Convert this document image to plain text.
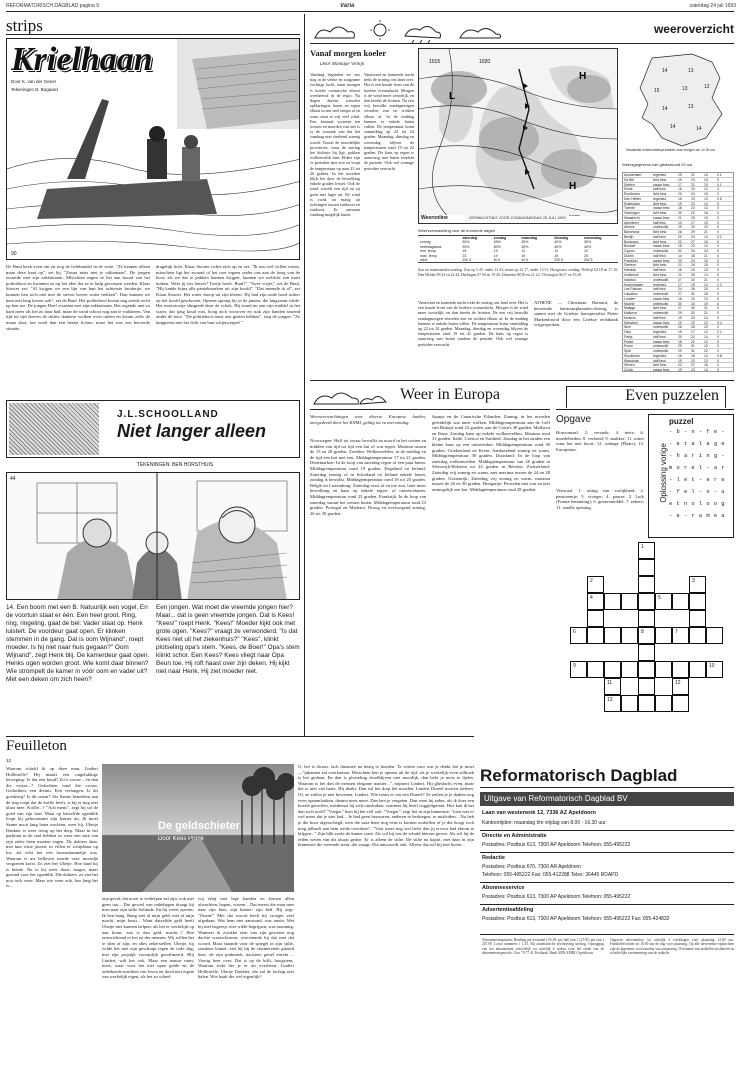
REFORMATORISCH DAGBLAD pagina 9	Varia	zaterdag 24 juli 1993
strips
Krielhaan
Door K. van der Geest
Tekeningen B. Bogaard
90
De Buul keek even om zit nog de lichtbundel in de verte. "Ze kennen alleen maar deze kant op", zei hij. "Zouas niets niet je raklamaan". De jongen zwaaide met zijn zaklantaarn. Misschien zagen ze het aan boord van het politieboot en kwamen ze op het idee dat ze te hulp gevoepen werden. Klaas Stooter zei: "Al krijgen we een lijn van hun het achterste broderije, we kunnen hen toch niet met de steven boven water trekken". Dan kunnen we hem niet lang boven ook", zei de Buul. Het politieboot kwam nog steeds recht op hen toe. De jongen Hoef zwaaien met zijn zaklantaarn. Het regende niet zo hard meer als het zo daar had, maar de wind schoot nog aan te wakkeren. Van tijd tot tijd dreven de dichte donkere wolken even uiteen en kwam zelfs de maan door, bet werd dan een beetje lichter, maar het was een beroerde situatie.
dragelijk licht. Klaas Stooter richte zich op en zei: "Ik zou wel willen weten, misschien ligt het zwaard of het roer ergens onder ons aan de boeg van de boot, als we dat te pakken kunnen krijgen, kunnen we wellicht een mast maken. Weet jij iets beters? Toetje hoeft. Buul?" "Twee visjes", zei de Buul, "Hij kende bijna alle paniekmarken uit zijn hoofd". "Dat meende ik al", zei Klaas Stooter. Het water droop uit zijn kleren. Hij had zijn oude hoed achter op het hoofd geschoven. Opeens sprong hij in de punter, die langzaam vulde. Het motortootje slingerde door de schok. Hij stond nu aan zijn middel in het water, dat ijzig koud was, boog zich voorover en stak zijn handen tastend onder de boot. "De politieboot moet ons gezien hebben", riep de jongen. "Ze knipperen met het licht van hun schijnwerper!"
J.L.SCHOOLLAND
Niet langer alleen
TEKENINGEN: BEN HORSTHUIS
44
14. Een boom met een B. Natuurlijk een vogel. En de voortuin staat er één. Een heel groot. Ring, ring, ringeling, gaat de bel: Vader staat op. Henk luistert. De voordeur gaat open. Er klinken stemmen in de gang. Dat is oom Wijnand", roept moeder. Is hij niet naar huis gegaan?" Oom Wijnand", zegt Henk blij. De kamerdeur gaat open. Henks ogen worden groot. Wie komt daar binnen? Wie strompelt de kamer in vóór oom en vader uit? Met een deken om zich heen?
Een jongen. Wat moet die vreemde jongen hier? Maar... dat is geen vreemde jongen. Dat is Kees! "Kees!" roept Henk. "Kees!" Moeder kijkt ook met grote ogen. "Kees?" vraagt ze verwonderd. "Is dat Kees niet uit het ziekenhuis?" "Kees", klinkt plotseling opa's stem. "Kees, de Boer!" Opa's stem klinkt schor. Een Kees? Kees vliegt naar Opa Beun toe. Hij roft haast over zijn deken. Hij kijkt niet naar Henk. Hij ziet moeder niet.
Feuilleton
12
Waarom schold ik op deze man, Lindert Hollestelle? Hij maakt een ongelukkige beweging: Je dat een koud? Zo'n vrouw... en dan die vrouw...? Gedachten rond die vrouw. Gedachten, een dreum. Een verlangen. Is dit goedzorg? Is dit onzin? Als Sanne benedeen aan de trap roept dat de koffie heeft, is hij er nog niet klaar mee. Koffie...? "Ach mens", zegt hij uit de goed van zijn hart. Maar op hetzelfde ogenblik loopt hij gehoorzaam zijn kamer uit. Ik moet Sanne nooit lang laten wachten, weet hij. Ubeije Dankter is weer terug op het dorp. Maar in het parktuin in de stad hebben ze weer een stuk van zijn zieke been moeten zagen. De dokters daar, met hun witte jassen, in villen er schijnbaar op los, als echt het een boomstammetje was. Waarom is uw bellevert morde voor moordje vergoeten korst. Zo ziet het Ubeije. Hoe hard hij is kende. Nu is hij weer thuis; mager, maar gezond voor het ogenblik. Die dokters, zo ziet het nou toch weer. Maar wie weet ook, hoe lang het is...
De geldschieter
Door Kees Pronk
zijn geval, dat nooit te verhelpen zal zijn, ook met geen tuo... Dat gevoel van onbehagen draagt hij mee naar zijn stille Solitude. En hij weert opeens: Ik ben bang. Bang met al mijn geld, met al mijn macht, mijn bezit... Want datzelfde geld heeft Ubeije niet kunnen helpen; als het er werkelijk op aan komt, wat is dan geld, macht...? Hoe ontwrichtend er het ist der mensen. Wij willen het te slim af zijn, en alles zekerstellen. Ubeije, hij wilde het niet zijn geschrapt tegen de rode dag, met zijn prijstijk vooruitlijk geraffineerd. Blij Lindert, wilt het ook. Maar een natuur ruim; niets, waar voor het niet open gelde en de onbekende machten van leven en dood niet ergste van werkelijk eigen, als het zo scheel.
wij erbij met lege handen en komen allen afwachten, hopen, vrezen... Dat meest die man mee naar zijn huis, zijn kamer; zijn bed. Hij zegt: "Onzin!" Met dat woord heeft hij vroeger veel afgedaan. Wat hem niet aanstond, was onzin. Wat hij niet begreep, niet wilde begrijpen, was onzinnig. Wanneer ik zwakke zien van zijn geweten nog dachte waarschuwen, overstemde hij dat met dat woord. Maar staande voor de spiegel in zijn stille, sombere kamer, ziet hij bij de sluimerende gitzuid haar, de zijn prakmiek, nachtere geitel etrieht ... Voorig heer over. Dat is op de hifft, hoogstens. Waarom trekt het je er uit overheen, Lindert Hollestelle. Ubeije Dankter, die zal de lachtig niet halen. Wie haalt die wel eigenlijk?
O, het is dwaas, zich daarmee na bezig te houden. Te verten voor wat je denkt dat je moet—"pikanten zal overkomen. Misschien ben je opeens uit de tijd; als je werkelijk even stilhoek is het gedaan. En dan is plotseling doodblijven niet mooilijk, dan hebt je niets te lijden. Waarom is het dan de mensen elegante manier...", mijmert Lindert. Hij glimlacht even, maar het is niet van harte. Hij denkt: Dan zal het dorp het morden: Lindert Dureel morten sterben. Of, ze zullen je niet bewenen, Lindert. Wie treurt er om een Dureel? Ze zullen je je dadien nog even opnamlouken, daarna niets meer. Dan ben je vergeten. Dan weet hij zeker, als ik doer een koesle getroffen, mistbenot hij zich omsluiken, wanneer hij heeft ooggeligerent. Hoe kan ik het dan toch acoll? "Voeger" hoet hij het zelf ook. "Voeger", zegt het in zijn binnenste, "toen was er wel meer dat je niet had... Je had geen bezwaren, anderen te bedriegen, te misleiden... Nu heb je die hoor afgesschegd, toen die nota bene nog eens is kornen oorbellen of je die hoogt toch mog jalbaalt aan hem wilde overdoen". "Voor meer nog wel liefst dan jij ervoor had ektom te krijgen..." Zijn blik zoekt de kamer rond. Als wil hij iets de schuld hierom geven. Als wil hij de reden weten van dit alsaas gedoe. Er is alleen de stilte. De stilte na kapitt, met daar in zijn binnenste die vreemde stem, die vraagt: Die antwoordt ook. Alleen, dat wil hij niet horen...
weeroverzicht
Vanaf morgen koeler
Door Monique Vrolijk
Vandaag beginden we ons nog in de sterke en zorgzame vochtige lucht, maar morgen is koeler oceanische alstort overheersd in de regio. Na dagen durens wisselen opklaringen, buien en regen elkaar in een snel tempo af en soms staat er vrij veel wind. Een frontaal systeem ten westen en noorden van ons is er de oorzaak van dat het vandaag niet strekend zonnig wordt. Vooral de noordelijke provincies, waar de storing het dichtste bij ligt, pakken wolkenvelds mee. Elders zijn er perioden met zon en loopt de temperatuur op naar 23 tot 26 graden. In het noorden blijft het door de bewolking enkele graden frisser. Ook de wind wisselt een tijd en zij geen met lager uit. De wind is zwak tot matig uit richtingen tussen zuidwest en zuidoost. Er ontstaan vandaag mogelijk buien.
Vanavond en komende nacht trekt de storing ons land over. Het is een koude front van de koelere oceaanlucht. Morgen is de wind meer westelijk, en dan breekt de fronten. Na een vrij bewolkt zondagmorgen wisselen zon en wolken elkaar af. In de middag kunnen er enkele buien vallen. De temperatuur komt vanmiddag op 22 tot 24 graden. Maandag, dinsdag en woensdag blijven de temperaturen rond 19 tot 22 graden. De kans op regen is aanwezig met buien rondom de periode. Ook wel zonnige perioden verwacht.
L
H
H
1015	1020
Weeronline	VERWACHTING VOOR ZONDAGMIDDAG 25 JULI 1993
14	13
15	13	12
14	13
14	14
Verwachte minimumtemperaturen voor morgen om 12.00 uur
Weersgegevens van gisteravond 20 uur
Amsterdam	regenbui	19	21	14	0.1
De Bilt	licht bew.	19	23	14	0
Deelen	zwaar bew.	17	21	13	0.1
Eelde	half bew.	16	20	12	0
Eindhoven	licht bew.	20	24	15	0
Den Helder	regenbui	16	19	13	0.5
Rotterdam	licht bew.	19	23	14	0
Twente	zwaar bew.	18	22	13	0
Vlissingen	licht bew.	20	22	16	0
Maastricht	zwaar bew.	21	25	15	0
Aberdeen	half bew.	13	17	10	0
Athene	onbewolkt	29	33	23	0
Barcelona	licht bew.	26	29	21	0
Berlijn	half bew.	20	24	14	0.2
Bordeaux	licht bew.	22	27	16	0
Brussel	zwaar bew.	18	22	14	0
Cyprus	onbewolkt	32	34	24	0
Dublin	half bew.	14	18	11	0
Frankfurt	zwaar bew.	20	24	15	0
Genève	licht bew.	22	26	15	0
Helsinki	half bew.	16	20	13	0
Innsbruck	licht bew.	21	25	14	0
Istanbul	onbewolkt	27	30	21	0
Kopenhagen	regenbui	17	19	14	1.2
Las Palmas	half bew.	24	26	20	0
Lissabon	onbewolkt	27	31	18	0
Londen	zwaar bew.	16	20	13	0
Madrid	onbewolkt	30	34	19	0
Malaga	licht bew.	27	30	21	0
Mallorca	onbewolkt	29	32	21	0
Moskou	half bew.	19	23	14	0
München	zwaar bew.	19	22	13	0.4
Nice	onbewolkt	26	28	20	0
Oslo	regenbui	15	17	12	2.1
Parijs	half bew.	20	24	14	0
Praag	zwaar bew.	18	22	12	0
Rome	onbewolkt	29	31	19	0
Split	onbewolkt	29	31	22	0
Stockholm	regenbui	16	18	12	0.8
Warschau	half bew.	19	23	13	0
Wenen	licht bew.	23	27	16	0
Zürich	zwaar bew.	19	23	14	0
Weersverwachting voor de komende dagen
	zaterdag	zondag	maandag	dinsdag	woensdag
zonnig	30%	45%	30%	40%	30%
neerslagkans	90%	60%	30%	40%	40%
min. temp.	15	13	11	12	12
max. temp.	23	19	19	19	20
wind	ZW 3	W 5	W 5	ZW 5	ZW 5
Zon en maanstanden zondag: Zon op 5.45, onder 21.43; maan op 23.17, onder 13.51. Hoogwater zondag: Delfzijl 04.18 en 17.10; Den Helder 09.54 en 22.44; Harlingen 07.00 en 19.26; IJmuiden 08.50 en 21.22; Vlissingen 06.57 en 19.20.
ATHENE — Christiaan Barnard, de beroemde harttransplantatie-chirurg, is samen met de Griekse hartspecialist Pieter Markenbrood door een Griekse rechtbank vrijgesproken.
Vanavond en komende nacht trekt de storing ons land over. Het is een koude front van de koelere oceaanlucht. Morgen is de wind meer westelijk, en dan breekt de fronten. Na een vrij bewolkt zondagmorgen wisselen zon en wolken elkaar af. In de middag kunnen er enkele buien vallen. De temperatuur komt vanmiddag op 22 tot 24 graden. Maandag, dinsdag en woensdag blijven de temperaturen rond 19 tot 22 graden. De kans op regen is aanwezig met buien rondom de periode. Ook wel zonnige perioden verwacht.
Weer in Europa
Weersverwachtingen voor diverse Europese landen, meegedeeld door het KNMI, geldig tot en met zondag.
Noorwegen: Half tot zwaar bewolkt en noord in het oosten en midden van tijd tot tijd een bui of wat regen. Maxima tussen de 15 en 20 graden. Zweden: Wolkenvelden, in de middag en de tijd een bui met een. Middagtemperatuur 17 tot 21 graden. Denemarken: In de loop van zaterdag regen of een paar buien. Middagtemperatuur rond 19 graden. Engeland en Ierland: Zaterdag zonnig of in Schotland en Ierland enkele buien, zondag is bewolkt. Middagtemperatuur rond 18 tot 20 graden. België en Luxemburg: Zaterdag eerst af en toe zon, later meer bewolking en kans op enkele regen- of onweersbuien. Middagtemperatuur rond 23 graden. Frankrijk: In de loop van zaterdag vanuit het westen buien. Middagtemperatuur rond 23 graden. Portugal en Madeira: Droog en overwegend zonnig, 26 tot 30 graden.
Spanje en de Canarische Eilanden: Zonnig, in het noorden geleidelijk wat meer wolken. Middagtemperatuur aan de Golf van Biskaje rond 22 graden, aan de Costa's 30 graden. Mallorca en Ibiza: Zondag kans op enkele wolkenvelden. Maxima rond 31 graden. Italië, Corsica en Sardinië: Zondag in het zuiden een kleine kans op een onweersbui. Middagtemperatuur rond 30 graden. Griekenland en Kreta: Aanhoudend zonnig en warm. Middagtemperatuur 30 graden. Duitsland: In de loop van zaterdag wolkenvelden. Middagtemperatuur van 20 graden in Sleeswijk-Holstein tot 24 graden in Beieren. Zwitserland: Zaterdag vrij zonnig en warm, met maxima tussen de 24 en 28 graden. Oostenrijk: Zaterdag vrij zonnig en warm, maxima tussen de 26 en 30 graden. Hongarije: Perioden met zon en niet onmogelijk een bui. Middagtemperatuur rond 28 graden.
Even puzzelen
Opgave
Horizontaal: 2. verstekt; 4. niets; 6. moedelheden; 8. verbond; 9. snakker; 11. water waar het niet hoort; 12. solange (Plaats); 13. Europeaan.
Verticaal: 1. uiting van vrolijkheid; 2. pensioentje; 3. vroeger; 4. paarse; 5. Luik (Franse benaming); 6. geneesmiddel; 7. zekere; 11. smalle opening.
Oplossing vorige
puzzel
- b - n - f e -
- e t a l a g e
- h a r i n g -
m o r e l - a r
- l e t - e r e
- f e l - o - u
e t n o l o o g
- e - r a m e a
1
4	5
2	3
6	8	7
9	10
11	12
13
Reformatorisch Dagblad
Uitgave van Reformatorisch Dagblad BV
Laan van westenenk 12, 7336 AZ Apeldoorn
Kantoortijden: maandag t/m vrijdag van 8.00 - 16.30 uur.
Directie en Administratie
Postadres: Postbus 613, 7300 AP Apeldoorn Telefoon: 055-495222
Redactie
Postadres: Postbus 670, 7300 AR Apeldoorn
Telefoon: 055-495222 Fax: 055-412288 Telex: 36445 RDAPD
Abonneeservice
Postadres: Postbus 613, 7300 AP Apeldoorn Telefoon: 055-495222
Advertentieafdeling
Postadres: Postbus 613, 7300 AP Apeldoorn Telefoon: 055-495222 Fax: 055-424832
Abonnementsprijzen: Betaling per kwartaal f 65,05; per half jaar f 127,85; per jaar f 247,90. Losse nummers f 1,35. Bij automatische afschrijving korting. Opzegging van het abonnement schriftelijk tot uiterlijk 4 weken voor het einde van de abonnementsperiode. Giro 70.77.41 Postbank. Bank ABN AMRO Apeldoorn.
Opgaven advertenties: tot uiterlijk 2 werkdagen voor plaatsing 12.00 uur. Familieberichten tot 18.00 uur de dag voor plaatsing. Op alle advertentie-opdrachten zijn de algemene voorwaarden van toepassing. Overname van artikelen uitsluitend na schriftelijke toestemming van de redactie.
